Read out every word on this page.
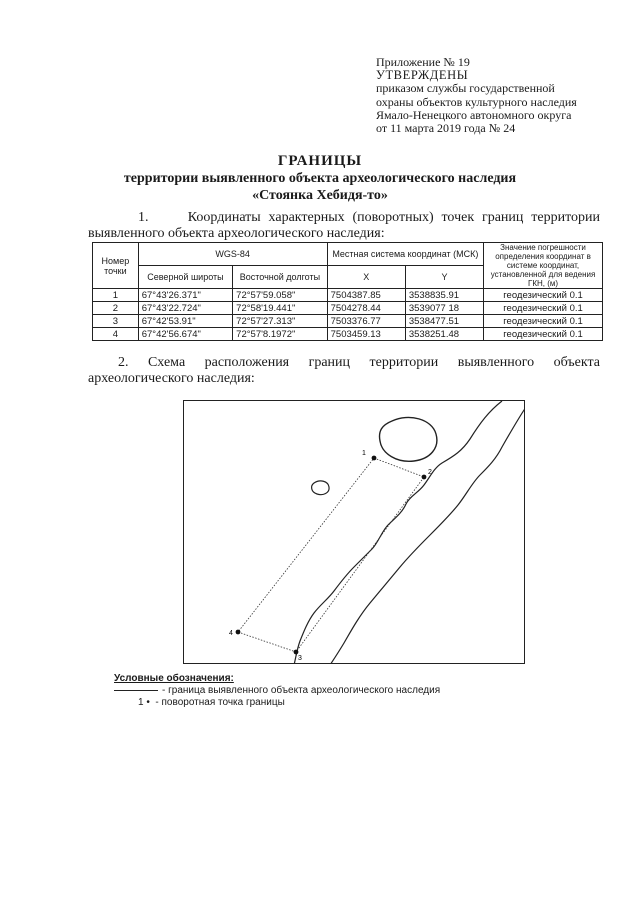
Приложение № 19
УТВЕРЖДЕНЫ
приказом службы государственной
охраны объектов культурного наследия
Ямало-Ненецкого автономного округа
от 11 марта 2019 года № 24
ГРАНИЦЫ
территории выявленного объекта археологического наследия
«Стоянка Хебидя-то»
1.     Координаты характерных (поворотных) точек границ территории выявленного объекта археологического наследия:
Номер точки	WGS-84		Местная система координат (МСК)		Значение погрешности определения координат в системе координат, установленной для ведения ГКН, (м)
	Северной широты	Восточной долготы	X	Y	
1	67°43'26.371"	72°57'59.058"	7504387.85	3538835.91	геодезический 0.1
2	67°43'22.724"	72°58'19.441"	7504278.44	3539077 18	геодезический 0.1
3	67°42'53.91"	72°57'27.313"	7503376.77	3538477.51	геодезический 0.1
4	67°42'56.674"	72°57'8.1972"	7503459.13	3538251.48	геодезический 0.1
2. Схема расположения границ территории выявленного объекта археологического наследия:
1
2
3
4
Условные обозначения:
- граница выявленного объекта археологического наследия
1 • - поворотная точка границы
